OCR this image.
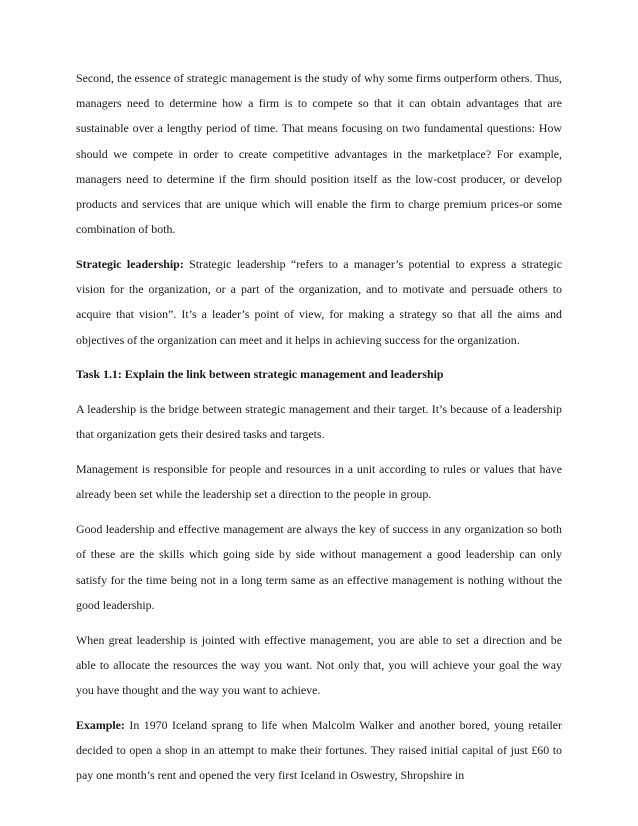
Second, the essence of strategic management is the study of why some firms outperform others. Thus, managers need to determine how a firm is to compete so that it can obtain advantages that are sustainable over a lengthy period of time. That means focusing on two fundamental questions: How should we compete in order to create competitive advantages in the marketplace? For example, managers need to determine if the firm should position itself as the low-cost producer, or develop products and services that are unique which will enable the firm to charge premium prices-or some combination of both.

Strategic leadership: Strategic leadership “refers to a manager’s potential to express a strategic vision for the organization, or a part of the organization, and to motivate and persuade others to acquire that vision”. It’s a leader’s point of view, for making a strategy so that all the aims and objectives of the organization can meet and it helps in achieving success for the organization.

Task 1.1: Explain the link between strategic management and leadership

A leadership is the bridge between strategic management and their target. It’s because of a leadership that organization gets their desired tasks and targets.

Management is responsible for people and resources in a unit according to rules or values that have already been set while the leadership set a direction to the people in group.

Good leadership and effective management are always the key of success in any organization so both of these are the skills which going side by side without management a good leadership can only satisfy for the time being not in a long term same as an effective management is nothing without the good leadership.

When great leadership is jointed with effective management, you are able to set a direction and be able to allocate the resources the way you want. Not only that, you will achieve your goal the way you have thought and the way you want to achieve.

Example: In 1970 Iceland sprang to life when Malcolm Walker and another bored, young retailer decided to open a shop in an attempt to make their fortunes. They raised initial capital of just £60 to pay one month’s rent and opened the very first Iceland in Oswestry, Shropshire in
